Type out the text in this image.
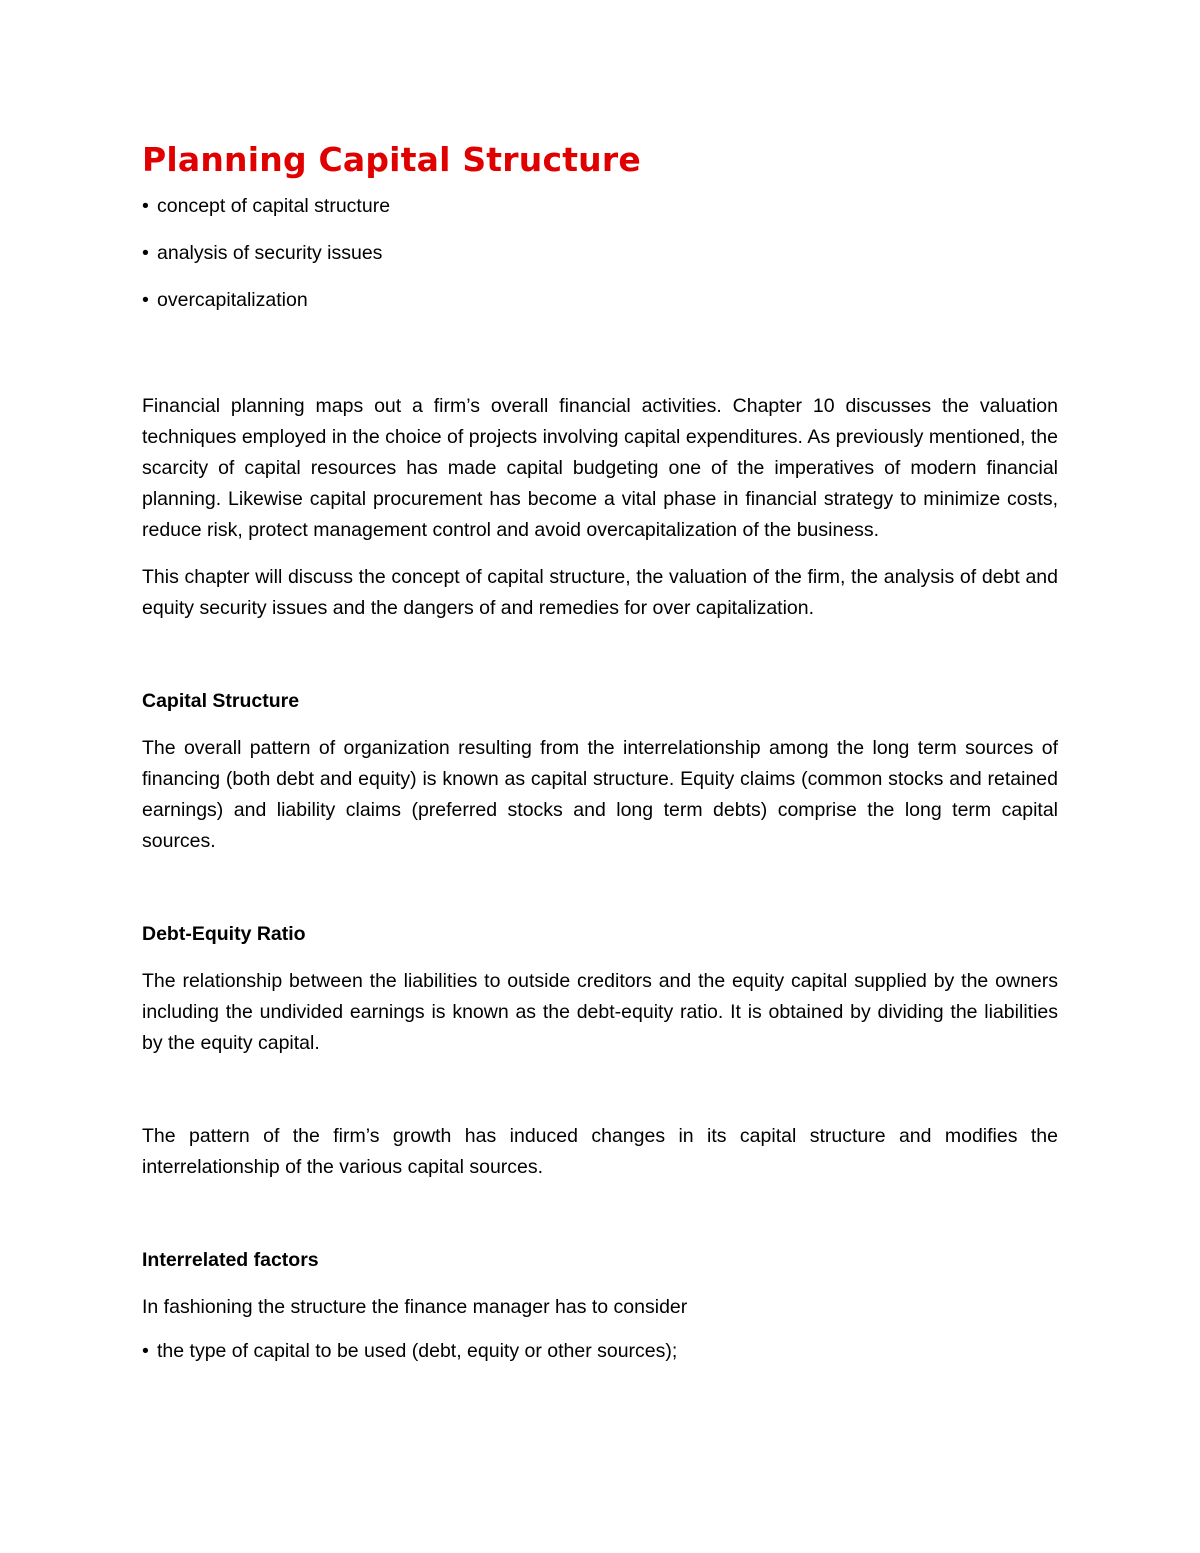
Planning Capital Structure
• concept of capital structure
• analysis of security issues
• overcapitalization

Financial planning maps out a firm’s overall financial activities. Chapter 10 discusses the valuation techniques employed in the choice of projects involving capital expenditures. As previously mentioned, the scarcity of capital resources has made capital budgeting one of the imperatives of modern financial planning. Likewise capital procurement has become a vital phase in financial strategy to minimize costs, reduce risk, protect management control and avoid overcapitalization of the business.

This chapter will discuss the concept of capital structure, the valuation of the firm, the analysis of debt and equity security issues and the dangers of and remedies for over capitalization.

Capital Structure

The overall pattern of organization resulting from the interrelationship among the long term sources of financing (both debt and equity) is known as capital structure. Equity claims (common stocks and retained earnings) and liability claims (preferred stocks and long term debts) comprise the long term capital sources.

Debt-Equity Ratio

The relationship between the liabilities to outside creditors and the equity capital supplied by the owners including the undivided earnings is known as the debt-equity ratio. It is obtained by dividing the liabilities by the equity capital.

The pattern of the firm’s growth has induced changes in its capital structure and modifies the interrelationship of the various capital sources.

Interrelated factors

In fashioning the structure the finance manager has to consider

• the type of capital to be used (debt, equity or other sources);
